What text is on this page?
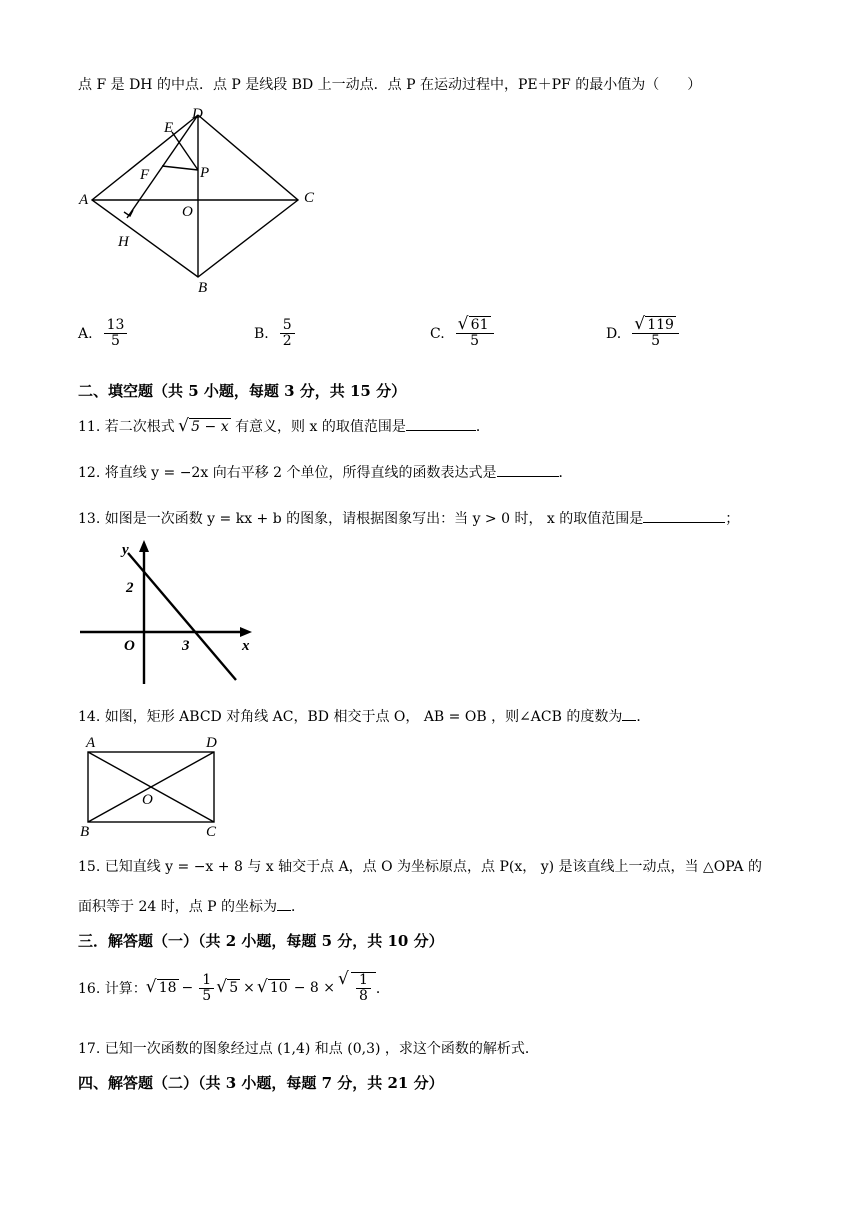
点 F 是 DH 的中点．点 P 是线段 BD 上一动点．点 P 在运动过程中，PE＋PF 的最小值为（　　）
D
E
F	P
A
O
C
H
B
A. $\frac{13}{5}$	B. $\frac{5}{2}$	C. √ $\frac{61}{5}$	D. √ $\frac{119}{5}$
二、填空题（共 5 小题，每题 3 分，共 15 分）
11. 若二次根式 √ 5 − x 有意义，则 x 的取值范围是	．
12. 将直线 y = −2x 向右平移 2 个单位，所得直线的函数表达式是	．
13. 如图是一次函数 y = kx + b 的图象，请根据图象写出：当 y > 0 时， x 的取值范围是	；
y
x
O
2
3
14. 如图，矩形 ABCD 对角线 AC，BD 相交于点 O， AB = OB ，则∠ACB 的度数为 ．
A	D
O
B	C
15. 已知直线 y = −x + 8 与 x 轴交于点 A，点 O 为坐标原点，点 P(x， y) 是该直线上一动点，当 △OPA 的
面积等于 24 时，点 P 的坐标为 ．
三．解答题（一）（共 2 小题，每题 5 分，共 10 分）
16. 计算： √ $18 - \frac{1}{5}$	√ 5 ×	√ 10 − 8 × √ $\frac{1}{8}$ ．
17. 已知一次函数的图象经过点 (1,4) 和点 (0,3) ，求这个函数的解析式．
四、解答题（二）（共 3 小题，每题 7 分，共 21 分）
